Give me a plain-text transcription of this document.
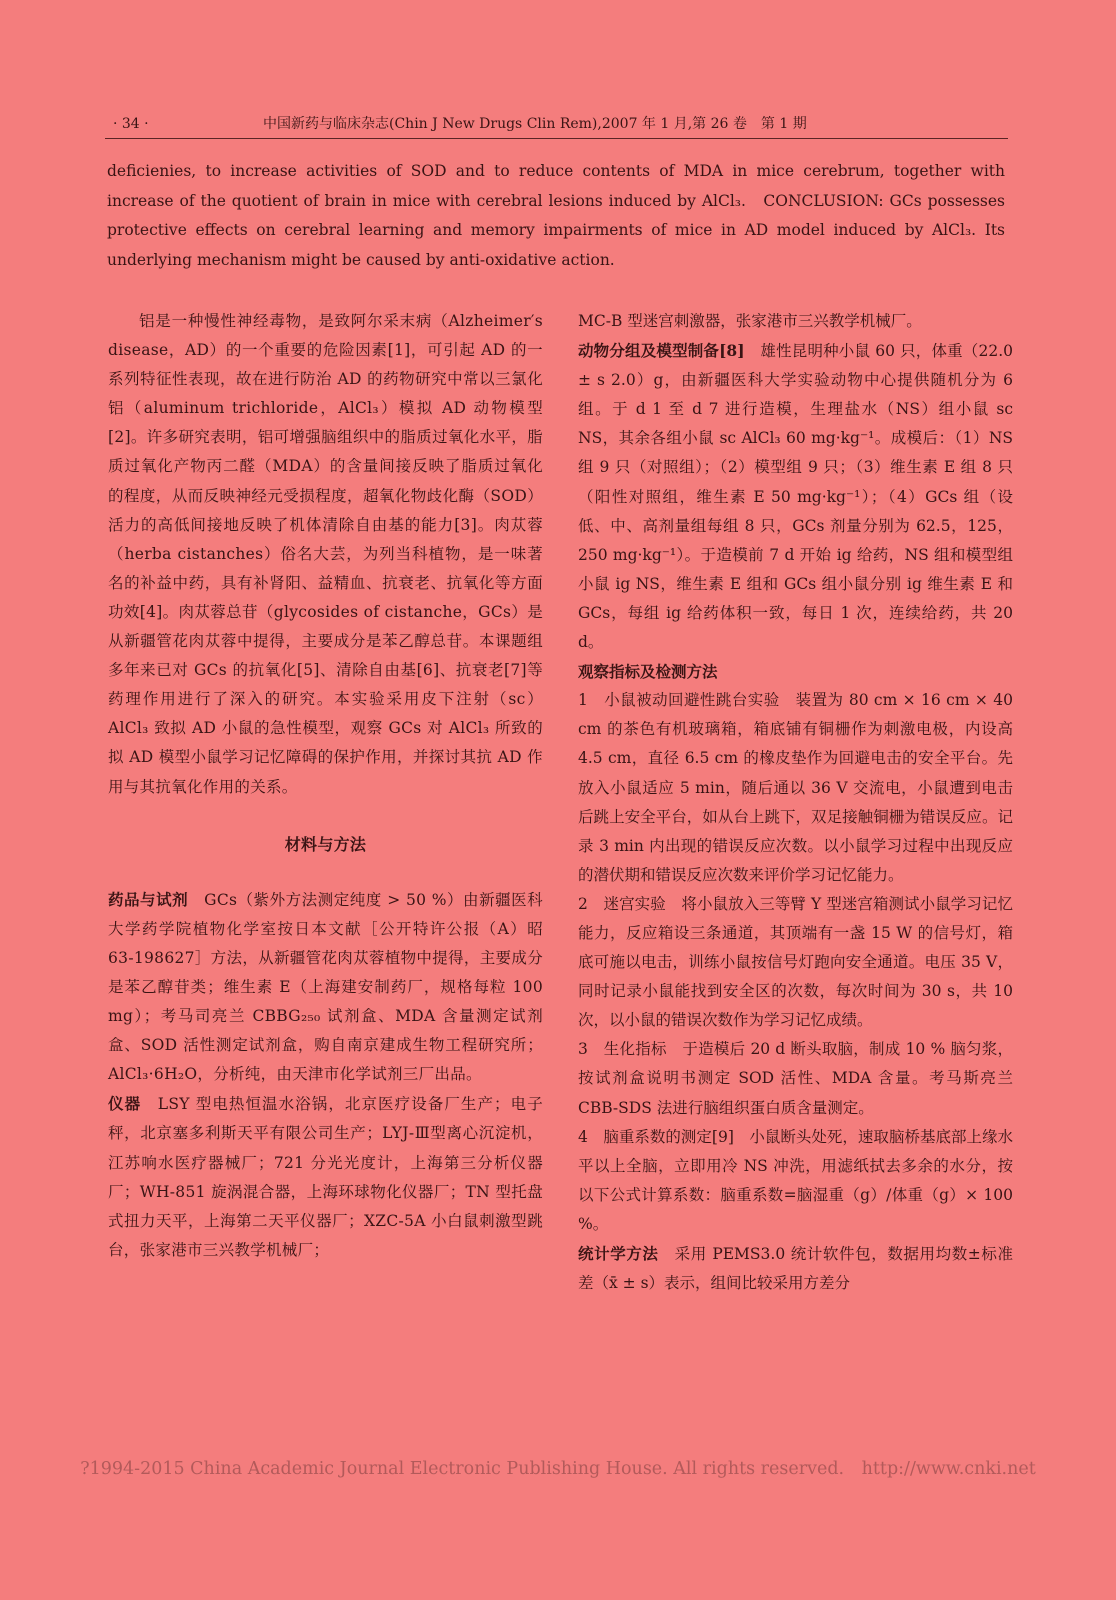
· 34 ·	中国新药与临床杂志(Chin J New Drugs Clin Rem),2007 年 1 月,第 26 卷　第 1 期

deficienies, to increase activities of SOD and to reduce contents of MDA in mice cerebrum, together with increase of the quotient of brain in mice with cerebral lesions induced by AlCl₃.　CONCLUSION: GCs possesses protective effects on cerebral learning and memory impairments of mice in AD model induced by AlCl₃. Its underlying mechanism might be caused by anti-oxidative action.

铝是一种慢性神经毒物，是致阿尔采末病（Alzheimer′s disease，AD）的一个重要的危险因素[1]，可引起 AD 的一系列特征性表现，故在进行防治 AD 的药物研究中常以三氯化铝（aluminum trichloride，AlCl₃）模拟 AD 动物模型[2]。许多研究表明，铝可增强脑组织中的脂质过氧化水平，脂质过氧化产物丙二醛（MDA）的含量间接反映了脂质过氧化的程度，从而反映神经元受损程度，超氧化物歧化酶（SOD）活力的高低间接地反映了机体清除自由基的能力[3]。肉苁蓉（herba cistanches）俗名大芸，为列当科植物，是一味著名的补益中药，具有补肾阳、益精血、抗衰老、抗氧化等方面功效[4]。肉苁蓉总苷（glycosides of cistanche，GCs）是从新疆管花肉苁蓉中提得，主要成分是苯乙醇总苷。本课题组多年来已对 GCs 的抗氧化[5]、清除自由基[6]、抗衰老[7]等药理作用进行了深入的研究。本实验采用皮下注射（sc）AlCl₃ 致拟 AD 小鼠的急性模型，观察 GCs 对 AlCl₃ 所致的拟 AD 模型小鼠学习记忆障碍的保护作用，并探讨其抗 AD 作用与其抗氧化作用的关系。

材料与方法

药品与试剂　GCs（紫外方法测定纯度 > 50 %）由新疆医科大学药学院植物化学室按日本文献［公开特许公报（A）昭 63-198627］方法，从新疆管花肉苁蓉植物中提得，主要成分是苯乙醇苷类；维生素 E（上海建安制药厂，规格每粒 100 mg）；考马司亮兰 CBBG₂₅₀ 试剂盒、MDA 含量测定试剂盒、SOD 活性测定试剂盒，购自南京建成生物工程研究所；AlCl₃·6H₂O，分析纯，由天津市化学试剂三厂出品。

仪器　LSY 型电热恒温水浴锅，北京医疗设备厂生产；电子秤，北京塞多利斯天平有限公司生产；LYJ-Ⅲ型离心沉淀机，江苏响水医疗器械厂；721 分光光度计，上海第三分析仪器厂；WH-851 旋涡混合器，上海环球物化仪器厂；TN 型托盘式扭力天平，上海第二天平仪器厂；XZC-5A 小白鼠刺激型跳台，张家港市三兴教学机械厂；

MC-B 型迷宫刺激器，张家港市三兴教学机械厂。

动物分组及模型制备[8]　雄性昆明种小鼠 60 只，体重（22.0 ± s 2.0）g，由新疆医科大学实验动物中心提供随机分为 6 组。于 d 1 至 d 7 进行造模，生理盐水（NS）组小鼠 sc NS，其余各组小鼠 sc AlCl₃ 60 mg·kg⁻¹。成模后：（1）NS 组 9 只（对照组）；（2）模型组 9 只；（3）维生素 E 组 8 只（阳性对照组，维生素 E 50 mg·kg⁻¹）；（4）GCs 组（设低、中、高剂量组每组 8 只，GCs 剂量分别为 62.5，125，250 mg·kg⁻¹）。于造模前 7 d 开始 ig 给药，NS 组和模型组小鼠 ig NS，维生素 E 组和 GCs 组小鼠分别 ig 维生素 E 和 GCs，每组 ig 给药体积一致，每日 1 次，连续给药，共 20 d。

观察指标及检测方法

1　小鼠被动回避性跳台实验　装置为 80 cm × 16 cm × 40 cm 的茶色有机玻璃箱，箱底铺有铜栅作为刺激电极，内设高 4.5 cm，直径 6.5 cm 的橡皮垫作为回避电击的安全平台。先放入小鼠适应 5 min，随后通以 36 V 交流电，小鼠遭到电击后跳上安全平台，如从台上跳下，双足接触铜栅为错误反应。记录 3 min 内出现的错误反应次数。以小鼠学习过程中出现反应的潜伏期和错误反应次数来评价学习记忆能力。

2　迷宫实验　将小鼠放入三等臂 Y 型迷宫箱测试小鼠学习记忆能力，反应箱设三条通道，其顶端有一盏 15 W 的信号灯，箱底可施以电击，训练小鼠按信号灯跑向安全通道。电压 35 V，同时记录小鼠能找到安全区的次数，每次时间为 30 s，共 10 次，以小鼠的错误次数作为学习记忆成绩。

3　生化指标　于造模后 20 d 断头取脑，制成 10 % 脑匀浆，按试剂盒说明书测定 SOD 活性、MDA 含量。考马斯亮兰 CBB-SDS 法进行脑组织蛋白质含量测定。

4　脑重系数的测定[9]　小鼠断头处死，速取脑桥基底部上缘水平以上全脑，立即用冷 NS 冲洗，用滤纸拭去多余的水分，按以下公式计算系数：脑重系数=脑湿重（g）/体重（g）× 100 %。

统计学方法　采用 PEMS3.0 统计软件包，数据用均数±标准差（x̄ ± s）表示，组间比较采用方差分

?1994-2015 China Academic Journal Electronic Publishing House. All rights reserved.　http://www.cnki.net
